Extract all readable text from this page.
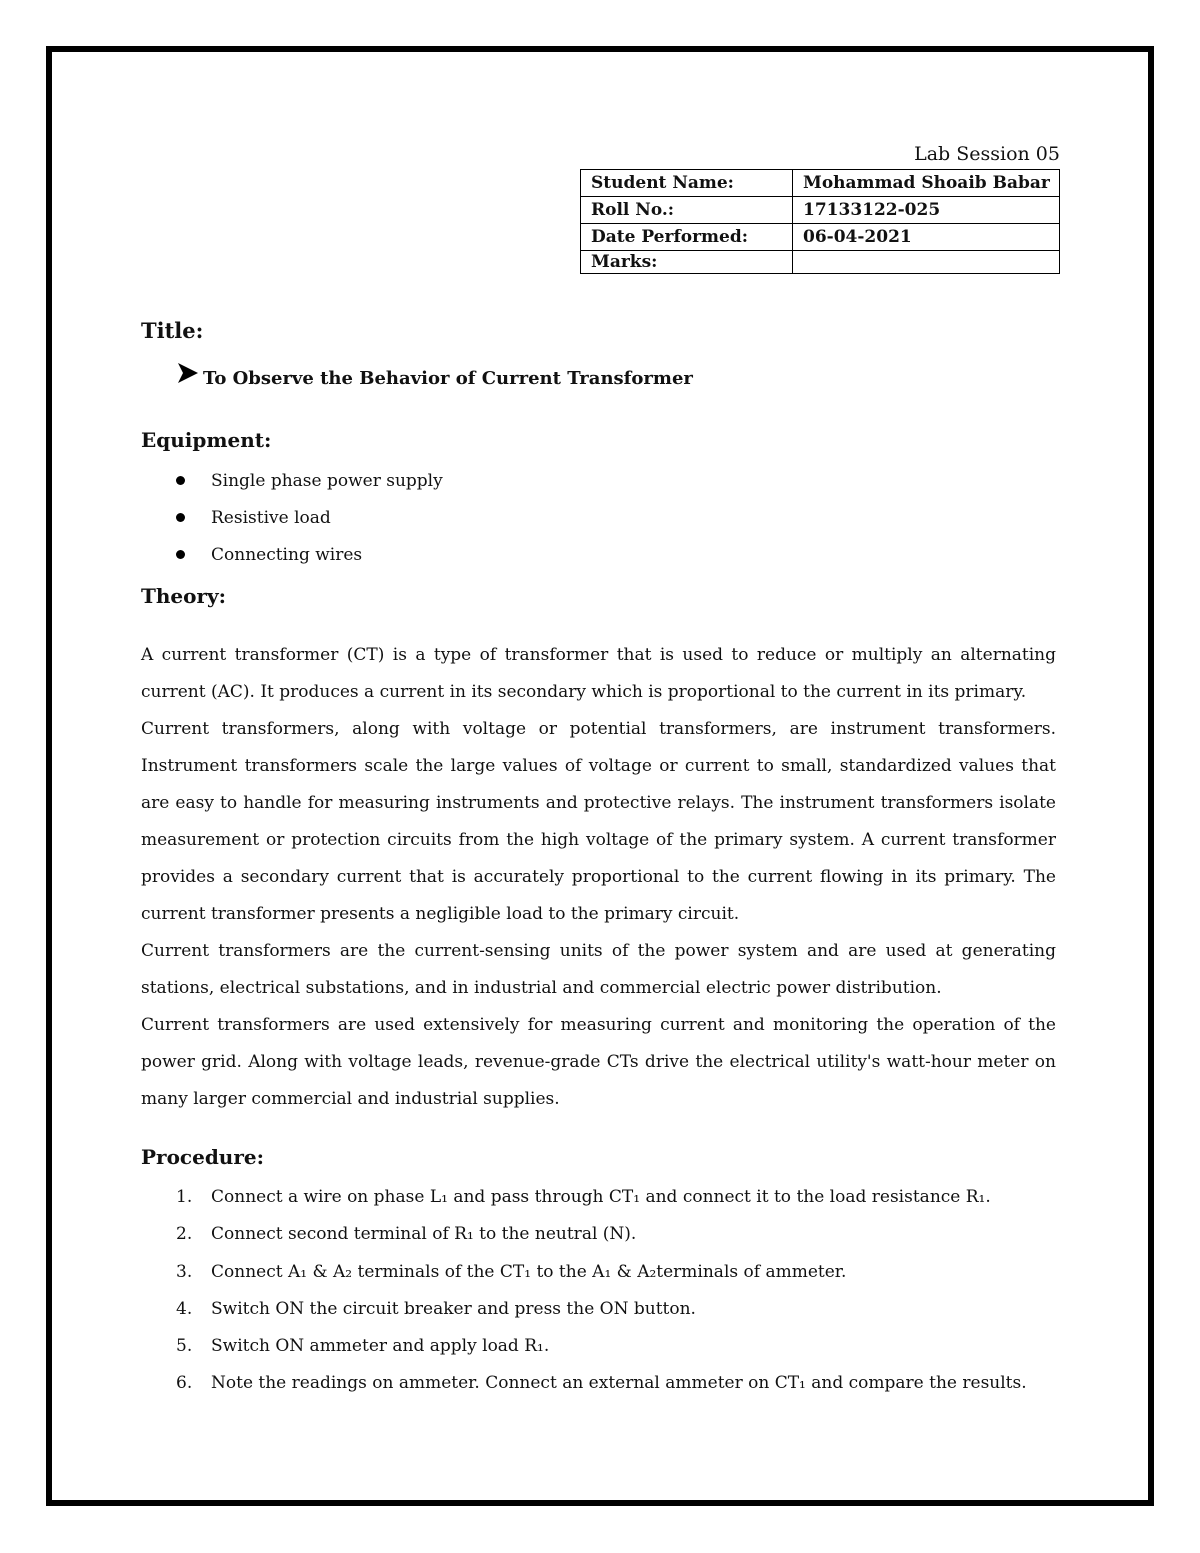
Lab Session 05
Student Name:	Mohammad Shoaib Babar
Roll No.:	17133122-025
Date Performed:	06-04-2021
Marks:	
Title:
To Observe the Behavior of Current Transformer
Equipment:
Single phase power supply
Resistive load
Connecting wires
Theory:

A current transformer (CT) is a type of transformer that is used to reduce or multiply an alternating current (AC). It produces a current in its secondary which is proportional to the current in its primary.

Current transformers, along with voltage or potential transformers, are instrument transformers. Instrument transformers scale the large values of voltage or current to small, standardized values that are easy to handle for measuring instruments and protective relays. The instrument transformers isolate measurement or protection circuits from the high voltage of the primary system. A current transformer provides a secondary current that is accurately proportional to the current flowing in its primary. The current transformer presents a negligible load to the primary circuit.

Current transformers are the current-sensing units of the power system and are used at generating stations, electrical substations, and in industrial and commercial electric power distribution.

Current transformers are used extensively for measuring current and monitoring the operation of the power grid. Along with voltage leads, revenue-grade CTs drive the electrical utility's watt-hour meter on many larger commercial and industrial supplies.

Procedure:
1. Connect a wire on phase L₁ and pass through CT₁ and connect it to the load resistance R₁.
2. Connect second terminal of R₁ to the neutral (N).
3. Connect A₁ & A₂ terminals of the CT₁ to the A₁ & A₂terminals of ammeter.
4. Switch ON the circuit breaker and press the ON button.
5. Switch ON ammeter and apply load R₁.
6. Note the readings on ammeter. Connect an external ammeter on CT₁ and compare the results.
